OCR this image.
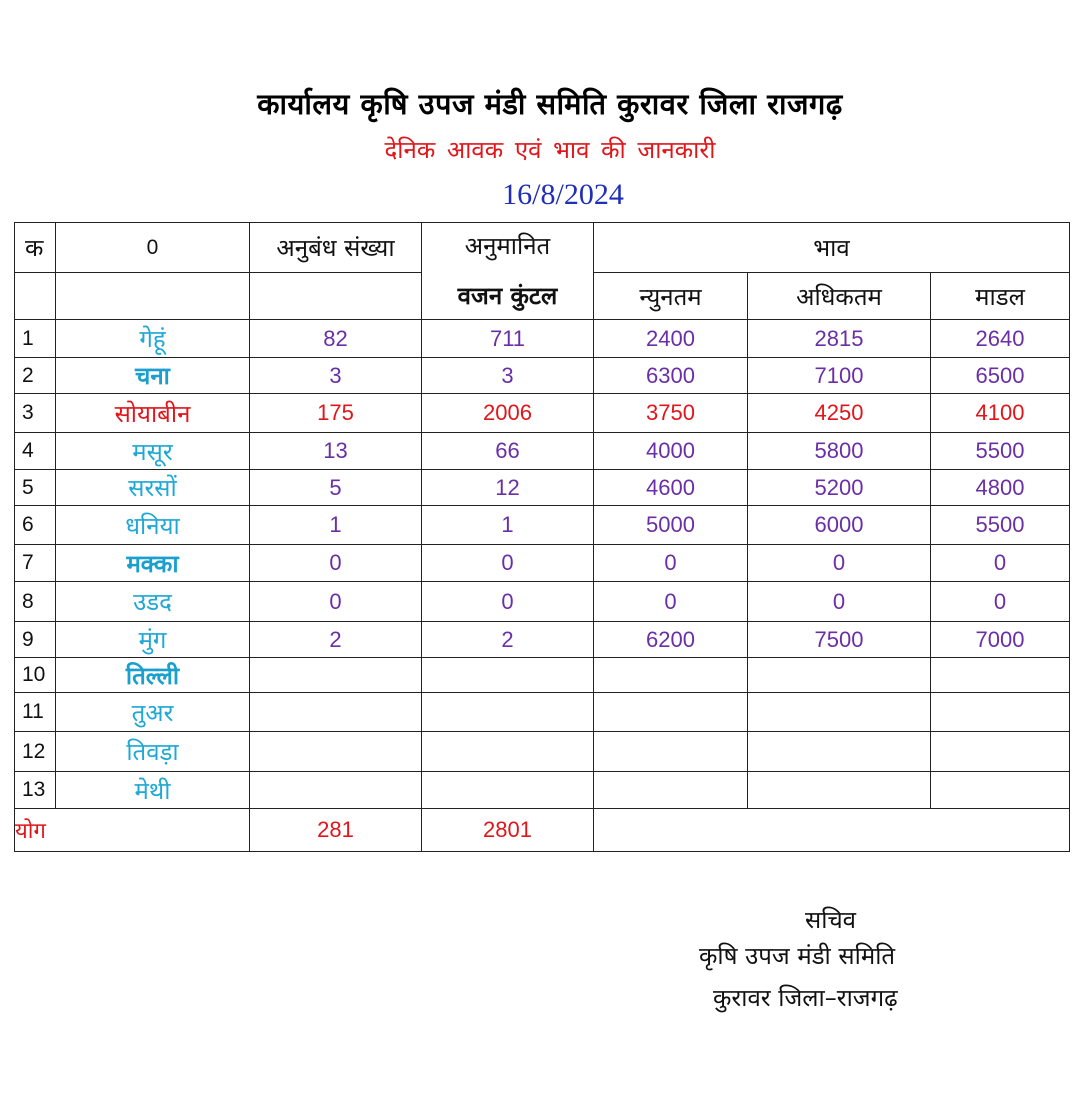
कार्यालय कृषि उपज मंडी समिति कुरावर जिला राजगढ़
देनिक आवक एवं भाव की जानकारी
16/8/2024
क	0	अनुबंध संख्या	अनुमानित	भाव		
			वजन कुंटल	न्युनतम	अधिकतम	माडल
1	गेहूं	82	711	2400	2815	2640
2	चना	3	3	6300	7100	6500
3	सोयाबीन	175	2006	3750	4250	4100
4	मसूर	13	66	4000	5800	5500
5	सरसों	5	12	4600	5200	4800
6	धनिया	1	1	5000	6000	5500
7	मक्का	0	0	0	0	0
8	उडद	0	0	0	0	0
9	मुंग	2	2	6200	7500	7000
10	तिल्ली					
11	तुअर					
12	तिवड़ा					
13	मेथी					
योग		281	2801			
सचिव
कृषि उपज मंडी समिति
कुरावर जिला–राजगढ़
